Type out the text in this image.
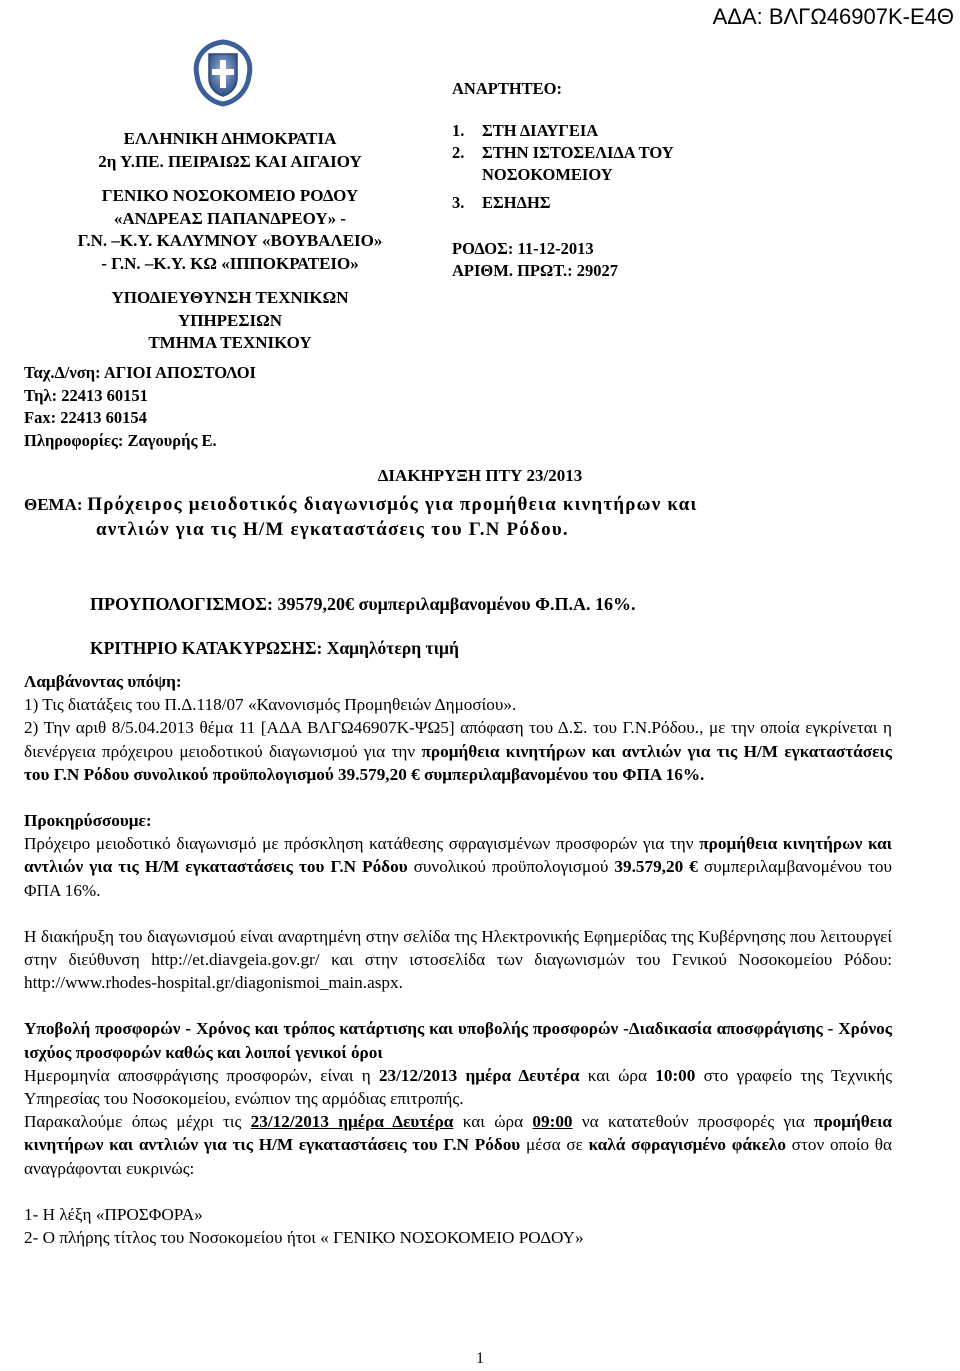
ΑΔΑ: ΒΛΓΩ46907Κ-Ε4Θ
ΕΛΛΗΝΙΚΗ ΔΗΜΟΚΡΑΤΙΑ
2η Υ.ΠΕ. ΠΕΙΡΑΙΩΣ ΚΑΙ ΑΙΓΑΙΟΥ
ΓΕΝΙΚΟ ΝΟΣΟΚΟΜΕΙΟ ΡΟΔΟΥ
«ΑΝΔΡΕΑΣ ΠΑΠΑΝΔΡΕΟΥ» -
Γ.Ν. –Κ.Υ. ΚΑΛΥΜΝΟΥ «ΒΟΥΒΑΛΕΙΟ»
- Γ.Ν. –Κ.Υ. ΚΩ «ΙΠΠΟΚΡΑΤΕΙΟ»
ΥΠΟΔΙΕΥΘΥΝΣΗ ΤΕΧΝΙΚΩΝ ΥΠΗΡΕΣΙΩΝ
ΤΜΗΜΑ ΤΕΧΝΙΚΟΥ
ΑΝΑΡΤΗΤΕΟ:
1.	ΣΤΗ ΔΙΑΥΓΕΙΑ
2.	ΣΤΗΝ ΙΣΤΟΣΕΛΙΔΑ ΤΟΥ
ΝΟΣΟΚΟΜΕΙΟΥ
3.	ΕΣΗΔΗΣ
ΡΟΔΟΣ: 11-12-2013
ΑΡΙΘΜ. ΠΡΩΤ.: 29027
Ταχ.Δ/νση: ΑΓΙΟΙ ΑΠΟΣΤΟΛΟΙ
Τηλ: 22413 60151
Fax: 22413 60154
Πληροφορίες: Ζαγουρής Ε.
ΔΙΑΚΗΡΥΞΗ ΠΤΥ 23/2013
ΘΕΜΑ: Πρόχειρος μειοδοτικός διαγωνισμός για προμήθεια κινητήρων και
αντλιών για τις Η/Μ εγκαταστάσεις του Γ.Ν Ρόδου.
ΠΡΟΥΠΟΛΟΓΙΣΜΟΣ: 39579,20€ συμπεριλαμβανομένου Φ.Π.Α. 16%.
ΚΡΙΤΗΡΙΟ ΚΑΤΑΚΥΡΩΣΗΣ: Χαμηλότερη τιμή

Λαμβάνοντας υπόψη:

1) Τις διατάξεις του Π.Δ.118/07 «Κανονισμός Προμηθειών Δημοσίου».

2) Την αριθ 8/5.04.2013 θέμα 11 [ΑΔΑ ΒΛΓΩ46907Κ-ΨΩ5] απόφαση του Δ.Σ. του Γ.Ν.Ρόδου., με την οποία εγκρίνεται η διενέργεια πρόχειρου μειοδοτικού διαγωνισμού για την προμήθεια κινητήρων και αντλιών για τις Η/Μ εγκαταστάσεις του Γ.Ν Ρόδου συνολικού προϋπολογισμού 39.579,20 € συμπεριλαμβανομένου του ΦΠΑ 16%.

Προκηρύσσουμε:

Πρόχειρο μειοδοτικό διαγωνισμό με πρόσκληση κατάθεσης σφραγισμένων προσφορών για την προμήθεια κινητήρων και αντλιών για τις Η/Μ εγκαταστάσεις του Γ.Ν Ρόδου συνολικού προϋπολογισμού 39.579,20 € συμπεριλαμβανομένου του ΦΠΑ 16%.

Η διακήρυξη του διαγωνισμού είναι αναρτημένη στην σελίδα της Ηλεκτρονικής Εφημερίδας της Κυβέρνησης που λειτουργεί στην διεύθυνση http://et.diavgeia.gov.gr/ και στην ιστοσελίδα των διαγωνισμών του Γενικού Νοσοκομείου Ρόδου: http://www.rhodes-hospital.gr/diagonismoi_main.aspx.

Υποβολή προσφορών - Χρόνος και τρόπος κατάρτισης και υποβολής προσφορών -Διαδικασία αποσφράγισης - Χρόνος ισχύος προσφορών καθώς και λοιποί γενικοί όροι

Ημερομηνία αποσφράγισης προσφορών, είναι η 23/12/2013 ημέρα Δευτέρα και ώρα 10:00 στο γραφείο της Τεχνικής Υπηρεσίας του Νοσοκομείου, ενώπιον της αρμόδιας επιτροπής.

Παρακαλούμε όπως μέχρι τις 23/12/2013 ημέρα Δευτέρα και ώρα 09:00 να κατατεθούν προσφορές για προμήθεια κινητήρων και αντλιών για τις Η/Μ εγκαταστάσεις του Γ.Ν Ρόδου μέσα σε καλά σφραγισμένο φάκελο στον οποίο θα αναγράφονται ευκρινώς:

1- Η λέξη «ΠΡΟΣΦΟΡΑ»

2- Ο πλήρης τίτλος του Νοσοκομείου ήτοι « ΓΕΝΙΚΟ ΝΟΣΟΚΟΜΕΙΟ ΡΟΔΟΥ»

1
